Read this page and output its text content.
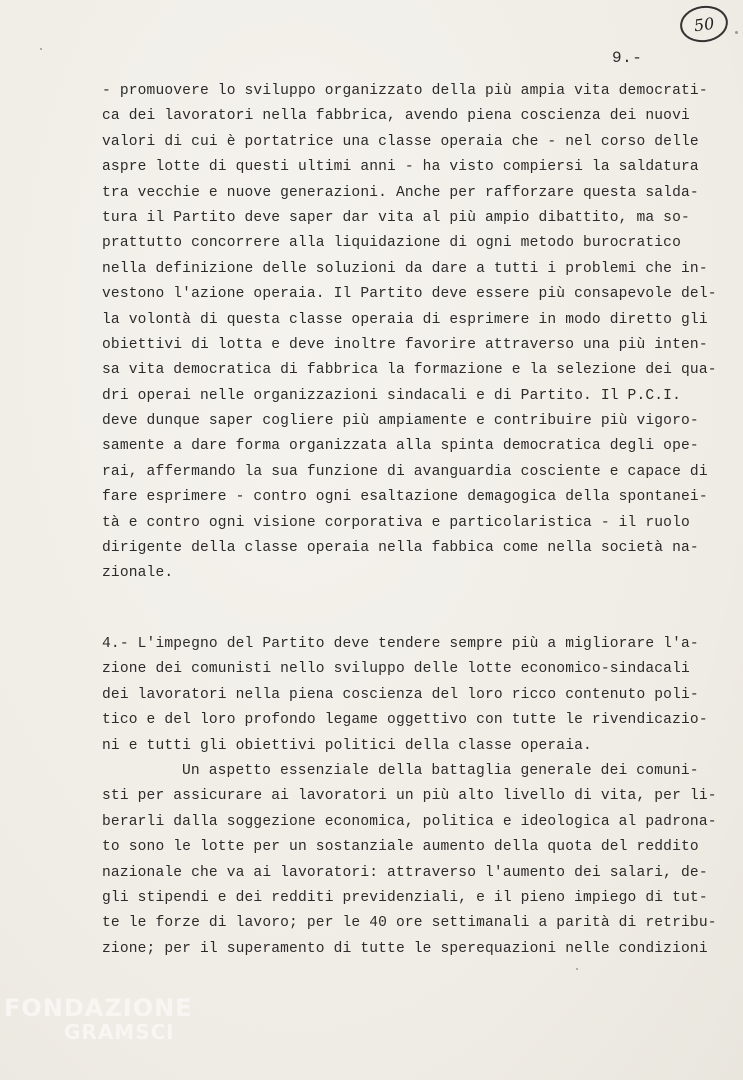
50
9.-
- promuovere lo sviluppo organizzato della più ampia vita democrati-
ca dei lavoratori nella fabbrica, avendo piena coscienza dei nuovi
valori di cui è portatrice una classe operaia che - nel corso delle
aspre lotte di questi ultimi anni - ha visto compiersi la saldatura
tra vecchie e nuove generazioni. Anche per rafforzare questa salda-
tura il Partito deve saper dar vita al più ampio dibattito, ma so-
prattutto concorrere alla liquidazione di ogni metodo burocratico
nella definizione delle soluzioni da dare a tutti i problemi che in-
vestono l'azione operaia. Il Partito deve essere più consapevole del-
la volontà di questa classe operaia di esprimere in modo diretto gli
obiettivi di lotta e deve inoltre favorire attraverso una più inten-
sa vita democratica di fabbrica la formazione e la selezione dei qua-
dri operai nelle organizzazioni sindacali e di Partito. Il P.C.I.
deve dunque saper cogliere più ampiamente e contribuire più vigoro-
samente a dare forma organizzata alla spinta democratica degli ope-
rai, affermando la sua funzione di avanguardia cosciente e capace di
fare esprimere - contro ogni esaltazione demagogica della spontanei-
tà e contro ogni visione corporativa e particolaristica - il ruolo
dirigente della classe operaia nella fabbica come nella società na-
zionale.
4.- L'impegno del Partito deve tendere sempre più a migliorare l'a-
zione dei comunisti nello sviluppo delle lotte economico-sindacali
dei lavoratori nella piena coscienza del loro ricco contenuto poli-
tico e del loro profondo legame oggettivo con tutte le rivendicazio-
ni e tutti gli obiettivi politici della classe operaia.
Un aspetto essenziale della battaglia generale dei comuni-
sti per assicurare ai lavoratori un più alto livello di vita, per li-
berarli dalla soggezione economica, politica e ideologica al padrona-
to sono le lotte per un sostanziale aumento della quota del reddito
nazionale che va ai lavoratori: attraverso l'aumento dei salari, de-
gli stipendi e dei redditi previdenziali, e il pieno impiego di tut-
te le forze di lavoro; per le 40 ore settimanali a parità di retribu-
zione; per il superamento di tutte le sperequazioni nelle condizioni
FONDAZIONE
GRAMSCI
